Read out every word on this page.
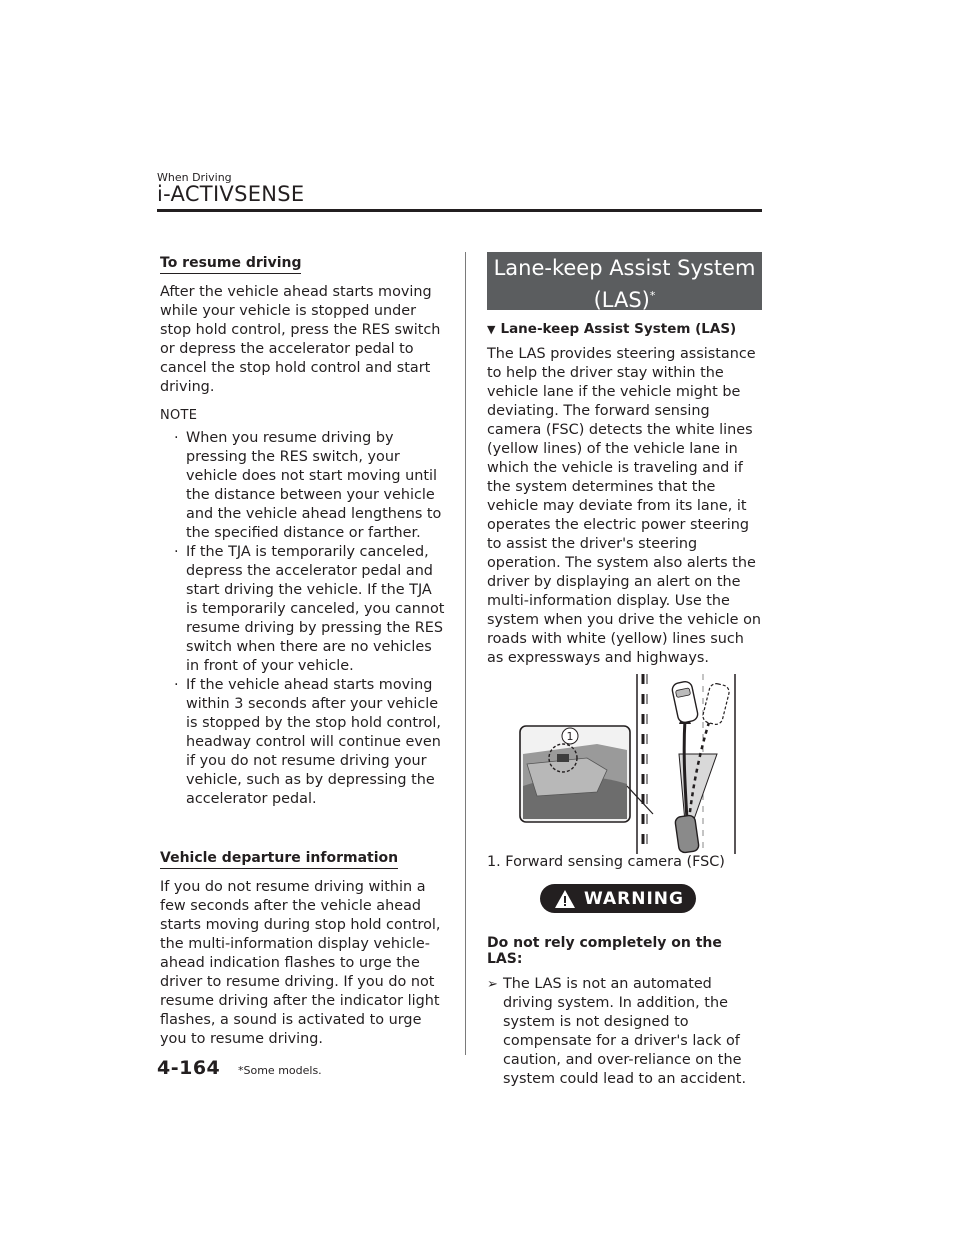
When Driving
i-ACTIVSENSE
To resume driving

After the vehicle ahead starts moving while your vehicle is stopped under stop hold control, press the RES switch or depress the accelerator pedal to cancel the stop hold control and start driving.

NOTE
· When you resume driving by pressing the RES switch, your vehicle does not start moving until the distance between your vehicle and the vehicle ahead lengthens to the specified distance or farther.
· If the TJA is temporarily canceled, depress the accelerator pedal and start driving the vehicle. If the TJA is temporarily canceled, you cannot resume driving by pressing the RES switch when there are no vehicles in front of your vehicle.
· If the vehicle ahead starts moving within 3 seconds after your vehicle is stopped by the stop hold control, headway control will continue even if you do not resume driving your vehicle, such as by depressing the accelerator pedal.
Vehicle departure information

If you do not resume driving within a few seconds after the vehicle ahead starts moving during stop hold control, the multi-information display vehicle-ahead indication flashes to urge the driver to resume driving. If you do not resume driving after the indicator light flashes, a sound is activated to urge you to resume driving.

Lane-keep Assist System
(LAS)*
▼ Lane-keep Assist System (LAS)

The LAS provides steering assistance to help the driver stay within the vehicle lane if the vehicle might be deviating. The forward sensing camera (FSC) detects the white lines (yellow lines) of the vehicle lane in which the vehicle is traveling and if the system determines that the vehicle may deviate from its lane, it operates the electric power steering to assist the driver's steering operation. The system also alerts the driver by displaying an alert on the multi-information display. Use the system when you drive the vehicle on roads with white (yellow) lines such as expressways and highways.

1

1. Forward sensing camera (FSC)

WARNING
Do not rely completely on the LAS:
➢ The LAS is not an automated driving system. In addition, the system is not designed to compensate for a driver's lack of caution, and over-reliance on the system could lead to an accident.
4-164 *Some models.
